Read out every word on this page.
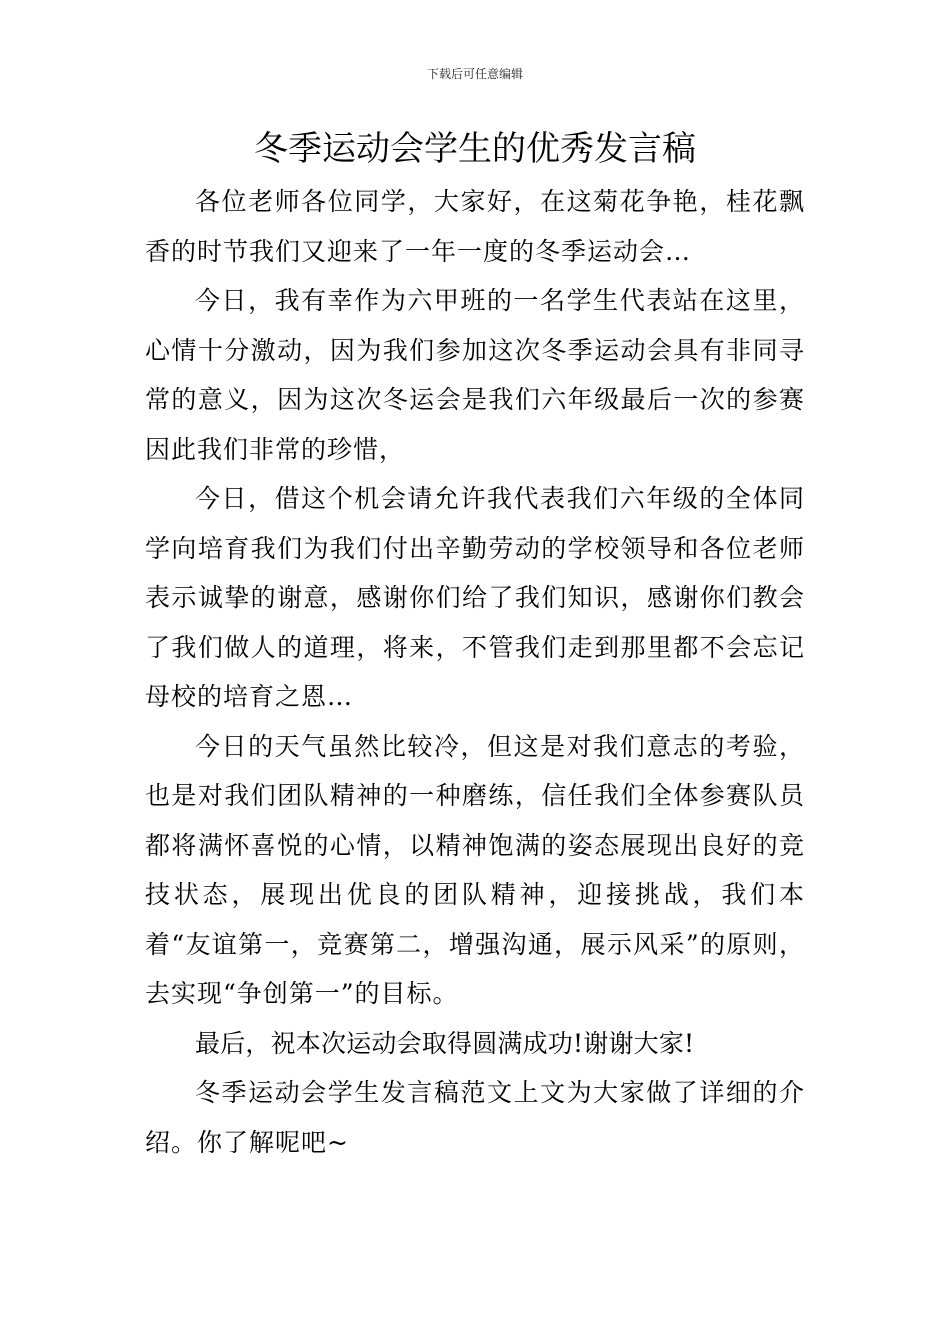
下载后可任意编辑
冬季运动会学生的优秀发言稿

各位老师各位同学，大家好，在这菊花争艳，桂花飘香的时节我们又迎来了一年一度的冬季运动会…

今日，我有幸作为六甲班的一名学生代表站在这里，心情十分激动，因为我们参加这次冬季运动会具有非同寻常的意义，因为这次冬运会是我们六年级最后一次的参赛因此我们非常的珍惜，

今日，借这个机会请允许我代表我们六年级的全体同学向培育我们为我们付出辛勤劳动的学校领导和各位老师表示诚挚的谢意，感谢你们给了我们知识，感谢你们教会了我们做人的道理，将来，不管我们走到那里都不会忘记母校的培育之恩…

今日的天气虽然比较冷，但这是对我们意志的考验，也是对我们团队精神的一种磨练，信任我们全体参赛队员都将满怀喜悦的心情，以精神饱满的姿态展现出良好的竞技状态，展现出优良的团队精神，迎接挑战，我们本着“友谊第一，竞赛第二，增强沟通，展示风采”的原则，去实现“争创第一”的目标。

最后，祝本次运动会取得圆满成功!谢谢大家!

冬季运动会学生发言稿范文上文为大家做了详细的介绍。你了解呢吧~
